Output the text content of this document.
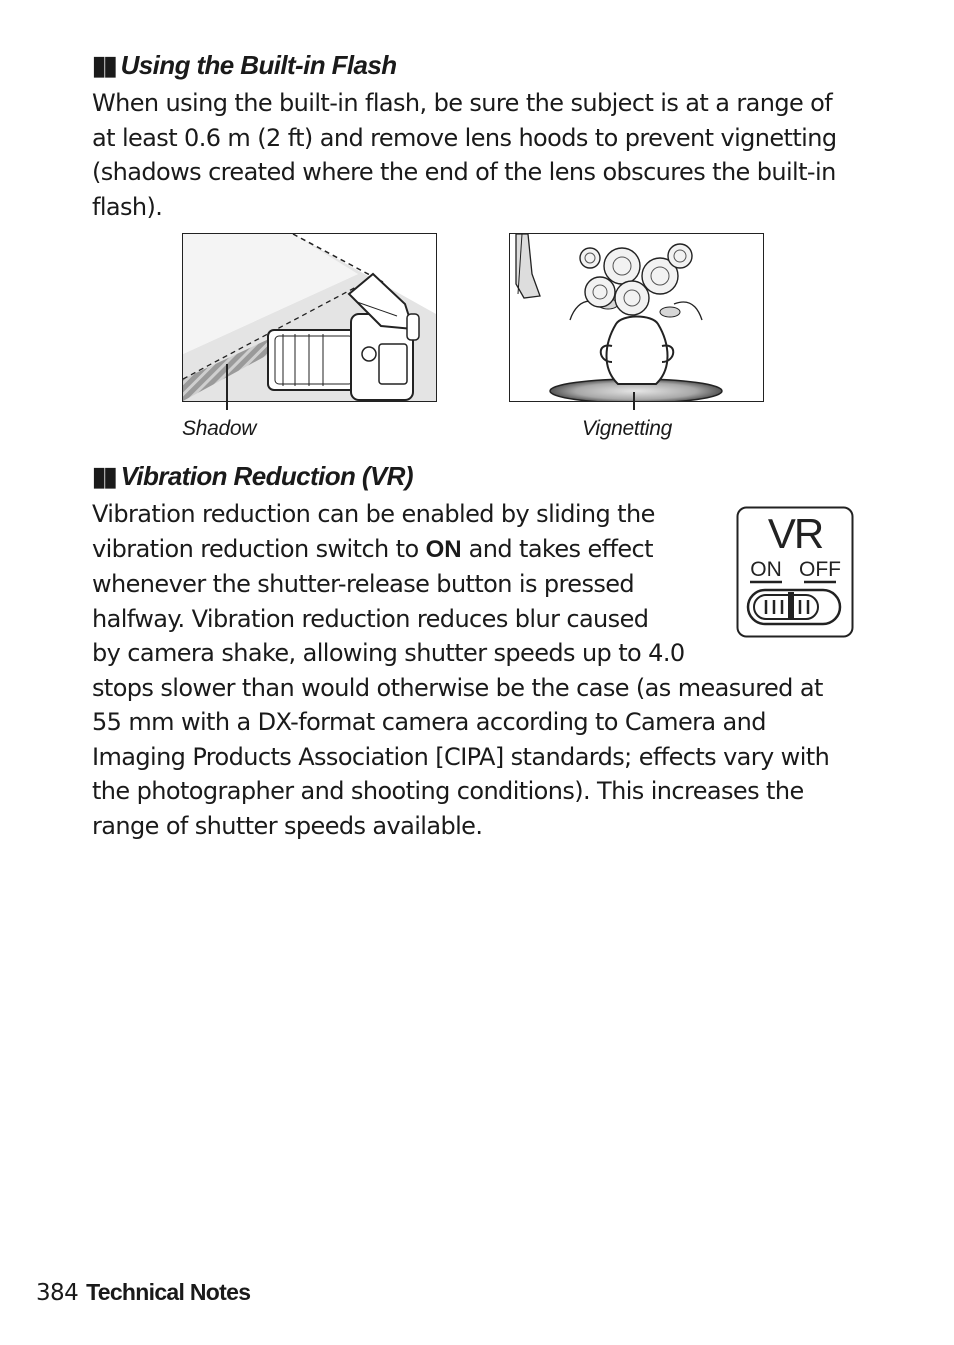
▮▮ Using the Built-in Flash

When using the built-in flash, be sure the subject is at a range of
at least 0.6 m (2 ft) and remove lens hoods to prevent vignetting
(shadows created where the end of the lens obscures the built-in
flash).

Shadow	Vignetting
▮▮ Vibration Reduction (VR)

Vibration reduction can be enabled by sliding the
vibration reduction switch to ON and takes effect
whenever the shutter-release button is pressed
halfway. Vibration reduction reduces blur caused
by camera shake, allowing shutter speeds up to 4.0
stops slower than would otherwise be the case (as measured at
55 mm with a DX-format camera according to Camera and
Imaging Products Association [CIPA] standards; effects vary with
the photographer and shooting conditions). This increases the
range of shutter speeds available.

VR
ON OFF
384 Technical Notes
